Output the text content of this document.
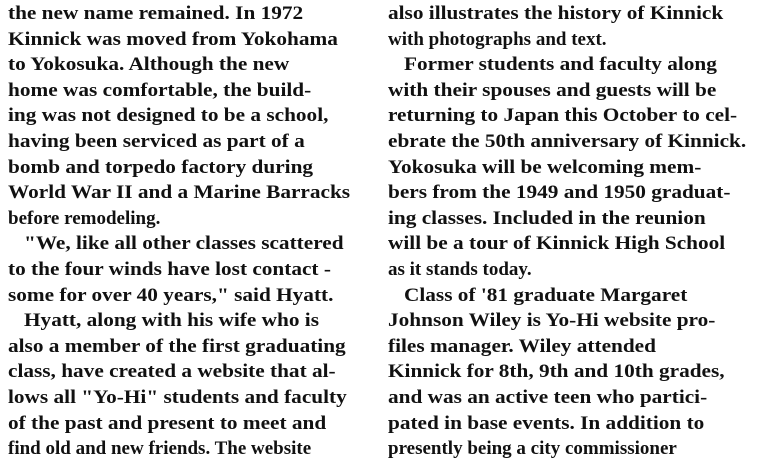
the new name remained. In 1972
Kinnick was moved from Yokohama
to Yokosuka. Although the new
home was comfortable, the build-
ing was not designed to be a school,
having been serviced as part of a
bomb and torpedo factory during
World War II and a Marine Barracks
before remodeling.
"We, like all other classes scattered
to the four winds have lost contact -
some for over 40 years," said Hyatt.
Hyatt, along with his wife who is
also a member of the first graduating
class, have created a website that al-
lows all "Yo-Hi" students and faculty
of the past and present to meet and
find old and new friends. The website
also illustrates the history of Kinnick
with photographs and text.
Former students and faculty along
with their spouses and guests will be
returning to Japan this October to cel-
ebrate the 50th anniversary of Kinnick.
Yokosuka will be welcoming mem-
bers from the 1949 and 1950 graduat-
ing classes. Included in the reunion
will be a tour of Kinnick High School
as it stands today.
Class of '81 graduate Margaret
Johnson Wiley is Yo-Hi website pro-
files manager. Wiley attended
Kinnick for 8th, 9th and 10th grades,
and was an active teen who partici-
pated in base events. In addition to
presently being a city commissioner
